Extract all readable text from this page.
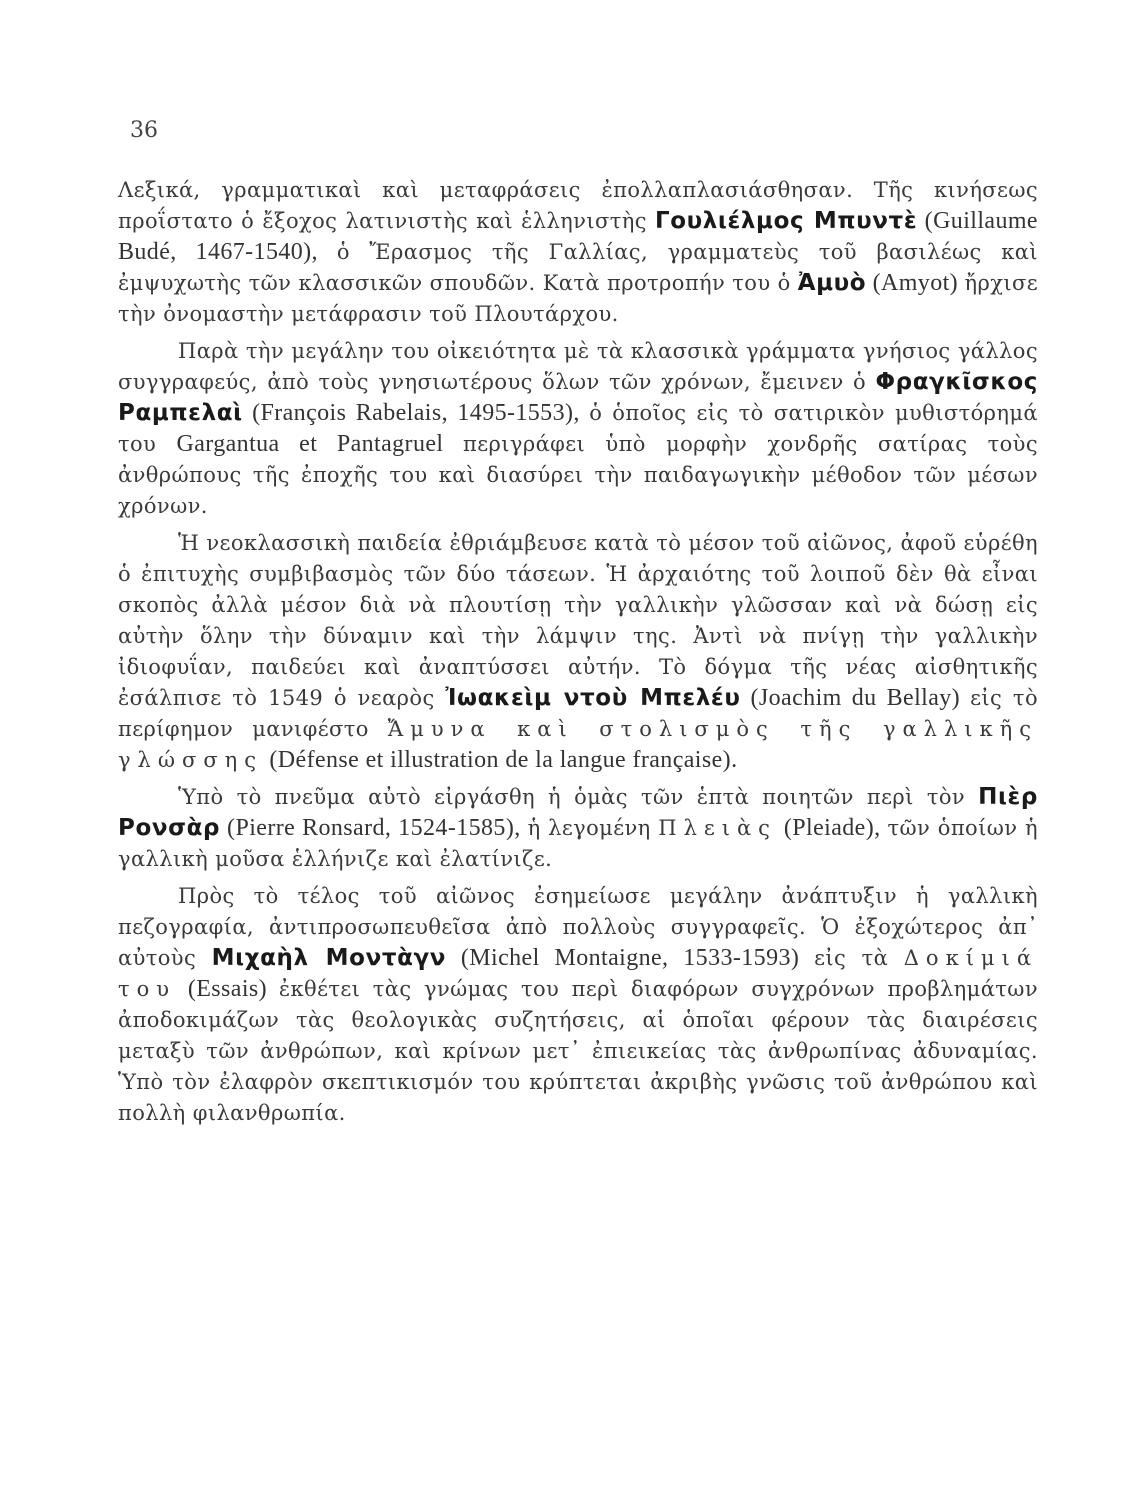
36

Λεξικά, γραμματικαὶ καὶ μεταφράσεις ἐπολλαπλασιάσθησαν. Τῆς κινήσεως προΐστατο ὁ ἔξοχος λατινιστὴς καὶ ἑλληνιστὴς Γουλιέλμος Μπυντὲ (Guillaume Budé, 1467-1540), ὁ Ἔρασμος τῆς Γαλλίας, γραμματεὺς τοῦ βασιλέως καὶ ἐμψυχωτὴς τῶν κλασσικῶν σπουδῶν. Κατὰ προτροπήν του ὁ Ἀμυὸ (Amyot) ἤρχισε τὴν ὀνομαστὴν μετάφρασιν τοῦ Πλουτάρχου.

Παρὰ τὴν μεγάλην του οἰκειότητα μὲ τὰ κλασσικὰ γράμματα γνήσιος γάλλος συγγραφεύς, ἀπὸ τοὺς γνησιωτέρους ὅλων τῶν χρόνων, ἔμεινεν ὁ Φραγκῖσκος Ραμπελαὶ (François Rabelais, 1495-1553), ὁ ὁποῖος εἰς τὸ σατιρικὸν μυθιστόρημά του Gargantua et Pantagruel περιγράφει ὑπὸ μορφὴν χονδρῆς σατίρας τοὺς ἀνθρώπους τῆς ἐποχῆς του καὶ διασύρει τὴν παιδαγωγικὴν μέθοδον τῶν μέσων χρόνων.

Ἡ νεοκλασσικὴ παιδεία ἐθριάμβευσε κατὰ τὸ μέσον τοῦ αἰῶνος, ἀφοῦ εὑρέθη ὁ ἐπιτυχὴς συμβιβασμὸς τῶν δύο τάσεων. Ἡ ἀρχαιότης τοῦ λοιποῦ δὲν θὰ εἶναι σκοπὸς ἀλλὰ μέσον διὰ νὰ πλουτίσῃ τὴν γαλλικὴν γλῶσσαν καὶ νὰ δώσῃ εἰς αὐτὴν ὅλην τὴν δύναμιν καὶ τὴν λάμψιν της. Ἀντὶ νὰ πνίγῃ τὴν γαλλικὴν ἰδιοφυΐαν, παιδεύει καὶ ἀναπτύσσει αὐτήν. Τὸ δόγμα τῆς νέας αἰσθητικῆς ἐσάλπισε τὸ 1549 ὁ νεαρὸς Ἰωακεὶμ ντοὺ Μπελέυ (Joachim du Bellay) εἰς τὸ περίφημον μανιφέστο Ἄμυνα καὶ στολισμὸς τῆς γαλλικῆς γλώσσης (Défense et illustration de la langue française).

Ὑπὸ τὸ πνεῦμα αὐτὸ εἰργάσθη ἡ ὁμὰς τῶν ἑπτὰ ποιητῶν περὶ τὸν Πιὲρ Ρονσὰρ (Pierre Ronsard, 1524-1585), ἡ λεγομένη Πλειὰς (Pleiade), τῶν ὁποίων ἡ γαλλικὴ μοῦσα ἑλλήνιζε καὶ ἐλατίνιζε.

Πρὸς τὸ τέλος τοῦ αἰῶνος ἐσημείωσε μεγάλην ἀνάπτυξιν ἡ γαλλικὴ πεζογραφία, ἀντιπροσωπευθεῖσα ἀπὸ πολλοὺς συγγραφεῖς. Ὁ ἐξοχώτερος ἀπ᾿ αὐτοὺς Μιχαὴλ Μοντὰγν (Michel Montaigne, 1533-1593) εἰς τὰ Δοκίμιά του (Essais) ἐκθέτει τὰς γνώμας του περὶ διαφόρων συγχρόνων προβλημάτων ἀποδοκιμάζων τὰς θεολογικὰς συζητήσεις, αἱ ὁποῖαι φέρουν τὰς διαιρέσεις μεταξὺ τῶν ἀνθρώπων, καὶ κρίνων μετ᾿ ἐπιεικείας τὰς ἀνθρωπίνας ἀδυναμίας. Ὑπὸ τὸν ἐλαφρὸν σκεπτικισμόν του κρύπτεται ἀκριβὴς γνῶσις τοῦ ἀνθρώπου καὶ πολλὴ φιλανθρωπία.
